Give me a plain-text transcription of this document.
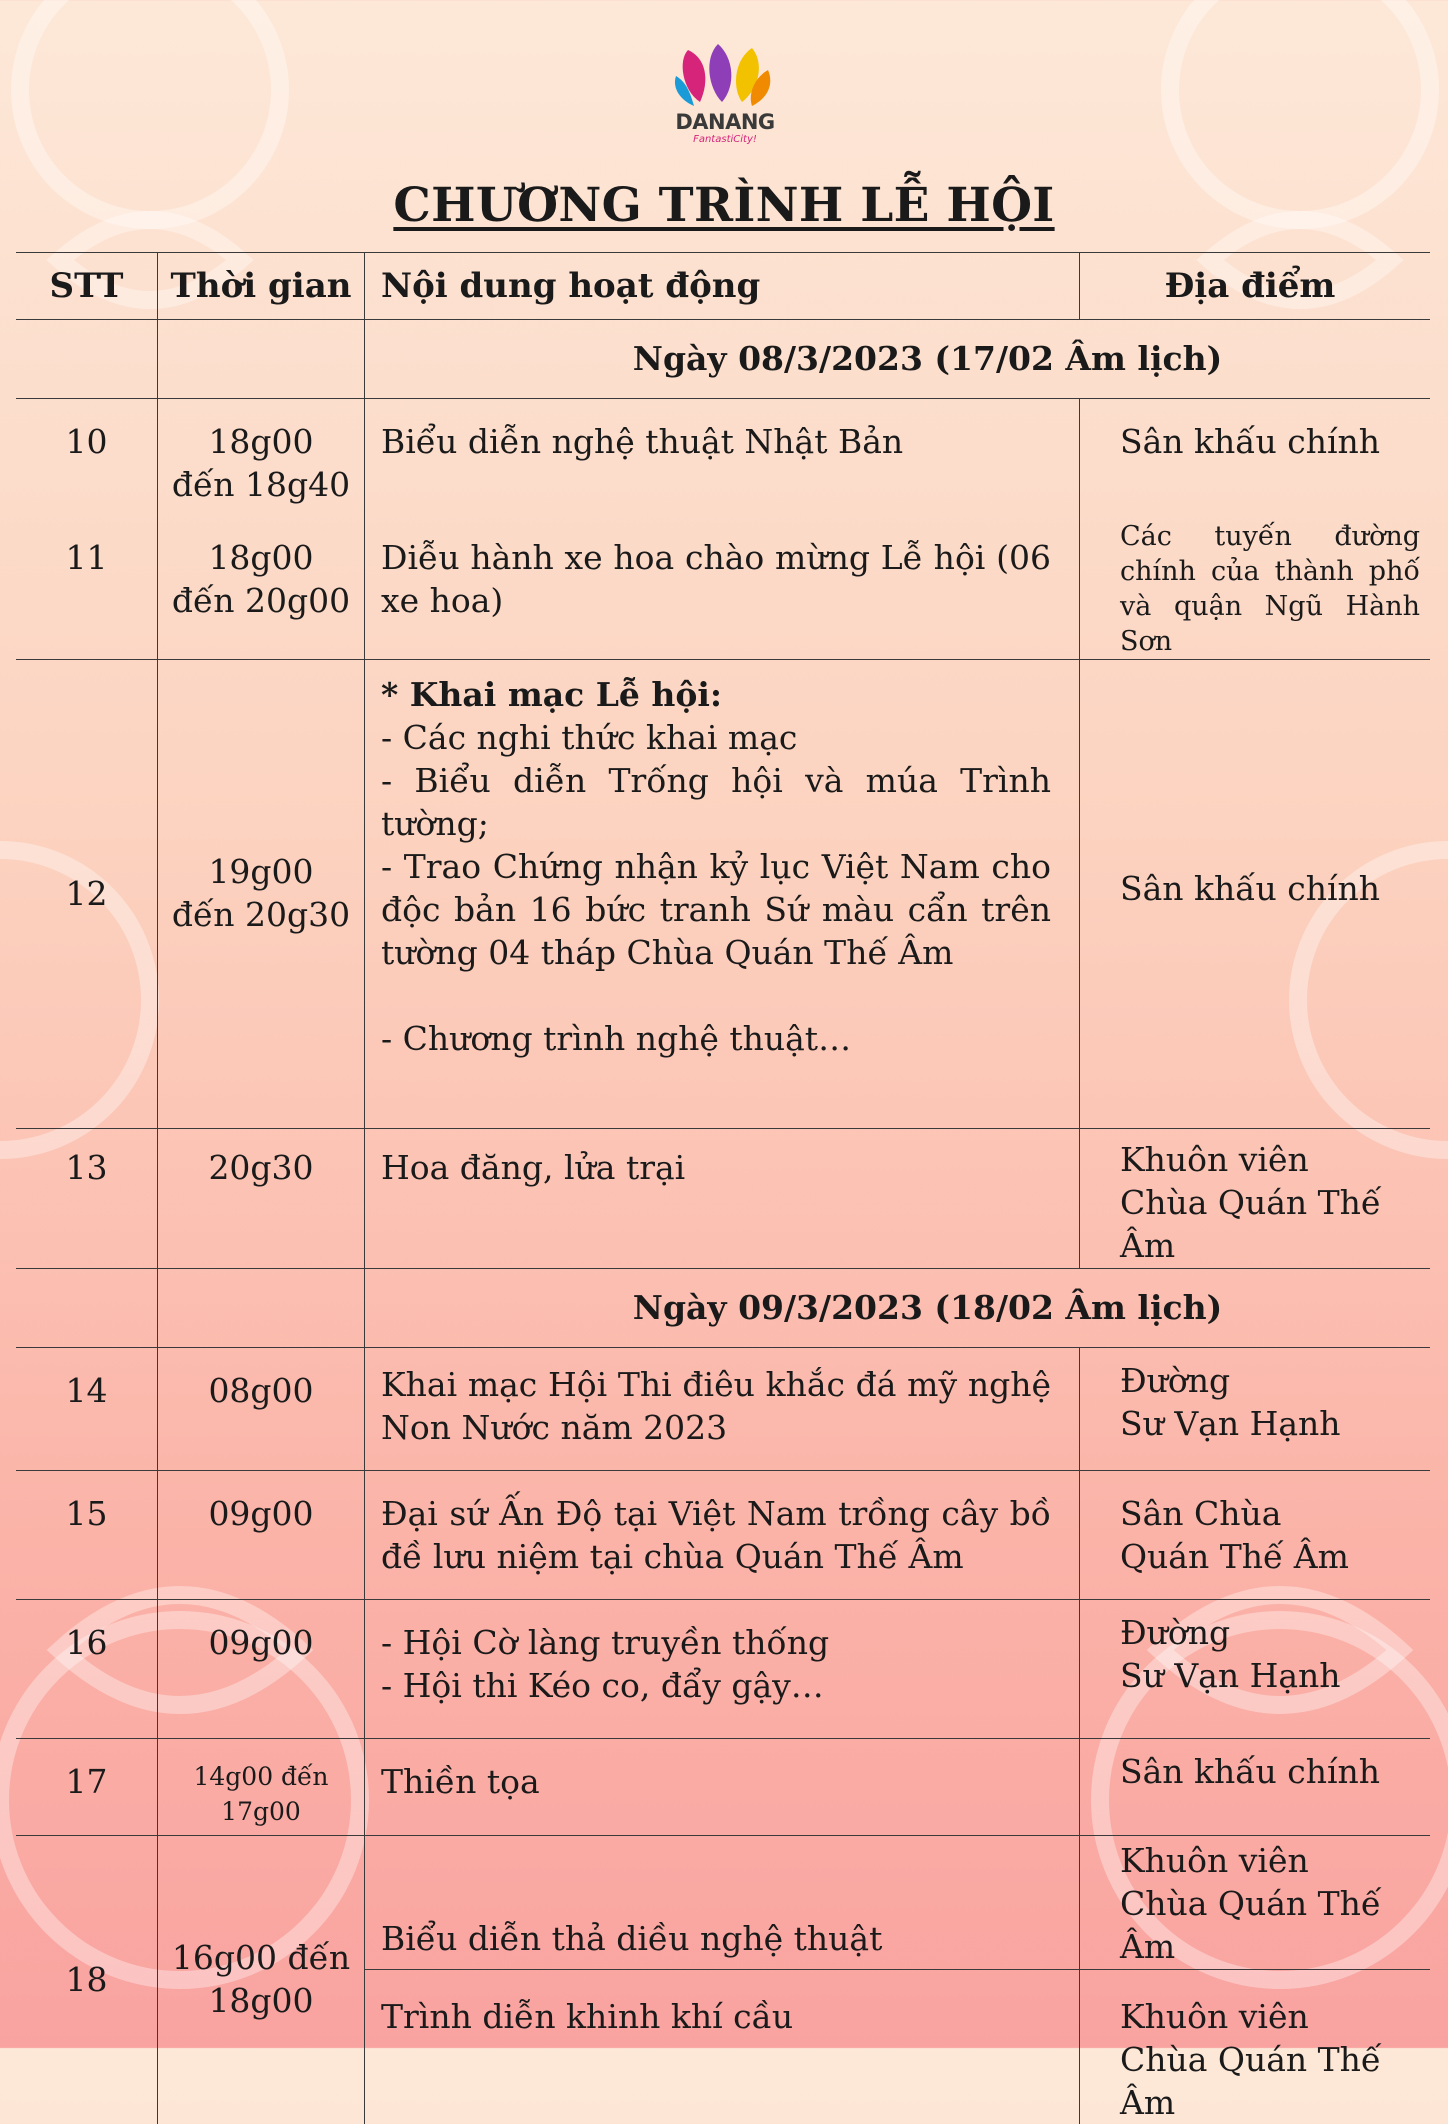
DANANG
FantastiCity!
CHƯƠNG TRÌNH LỄ HỘI
STT	Thời gian	Nội dung hoạt động	Địa điểm
		Ngày 08/3/2023 (17/02 Âm lịch)	

10	18g00
đến 18g40	Biểu diễn nghệ thuật Nhật Bản	Sân khấu chính

11	18g00
đến 20g00	Diễu hành xe hoa chào mừng Lễ hội (06 xe hoa)	Các tuyến đường chính của thành phố và quận Ngũ Hành Sơn

12	19g00
đến 20g30	* Khai mạc Lễ hội:
- Các nghi thức khai mạc
- Biểu diễn Trống hội và múa Trình tường;
- Trao Chứng nhận kỷ lục Việt Nam cho độc bản 16 bức tranh Sứ màu cẩn trên tường 04 tháp Chùa Quán Thế Âm
- Chương trình nghệ thuật…	Sân khấu chính

13	20g30	Hoa đăng, lửa trại	Khuôn viên
Chùa Quán Thế Âm

		Ngày 09/3/2023 (18/02 Âm lịch)	

14	08g00	Khai mạc Hội Thi điêu khắc đá mỹ nghệ Non Nước năm 2023	Đường
Sư Vạn Hạnh

15	09g00	Đại sứ Ấn Độ tại Việt Nam trồng cây bồ đề lưu niệm tại chùa Quán Thế Âm	Sân Chùa
Quán Thế Âm

16	09g00	- Hội Cờ làng truyền thống
- Hội thi Kéo co, đẩy gậy…	Đường
Sư Vạn Hạnh

17	14g00 đến
17g00	Thiền tọa	Sân khấu chính

18	16g00 đến
18g00	Biểu diễn thả diều nghệ thuật	Khuôn viên
Chùa Quán Thế Âm

		Trình diễn khinh khí cầu	Khuôn viên
Chùa Quán Thế Âm
